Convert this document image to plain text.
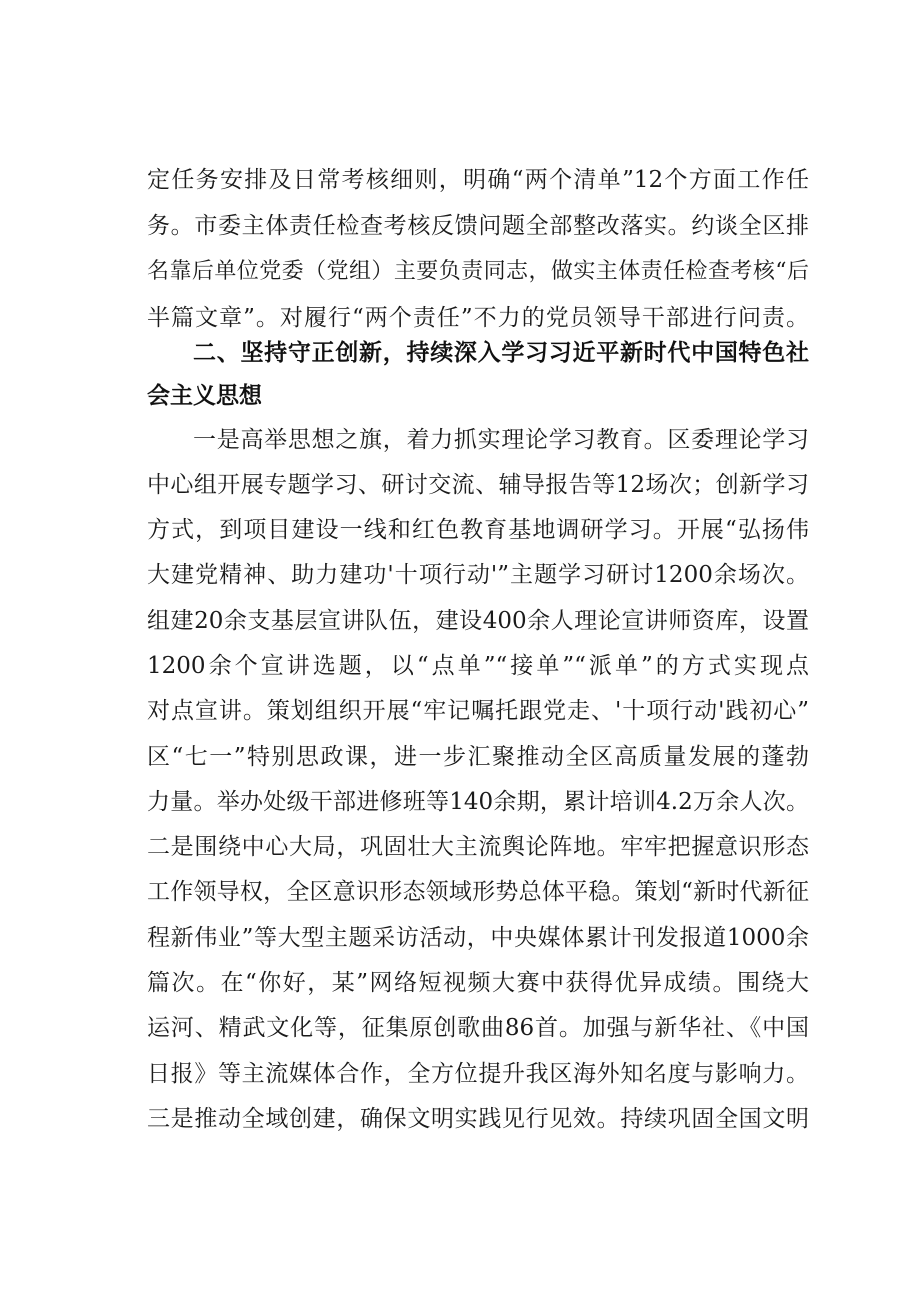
定任务安排及日常考核细则，明确“两个清单”12个方面工作任
务。市委主体责任检查考核反馈问题全部整改落实。约谈全区排
名靠后单位党委（党组）主要负责同志，做实主体责任检查考核“后
半篇文章”。对履行“两个责任”不力的党员领导干部进行问责。
二、坚持守正创新，持续深入学习习近平新时代中国特色社
会主义思想
一是高举思想之旗，着力抓实理论学习教育。区委理论学习
中心组开展专题学习、研讨交流、辅导报告等12场次；创新学习
方式，到项目建设一线和红色教育基地调研学习。开展“弘扬伟
大建党精神、助力建功'十项行动'”主题学习研讨1200余场次。
组建20余支基层宣讲队伍，建设400余人理论宣讲师资库，设置
1200余个宣讲选题，以“点单”“接单”“派单”的方式实现点
对点宣讲。策划组织开展“牢记嘱托跟党走、'十项行动'践初心”
区“七一”特别思政课，进一步汇聚推动全区高质量发展的蓬勃
力量。举办处级干部进修班等140余期，累计培训4.2万余人次。
二是围绕中心大局，巩固壮大主流舆论阵地。牢牢把握意识形态
工作领导权，全区意识形态领域形势总体平稳。策划“新时代新征
程新伟业”等大型主题采访活动，中央媒体累计刊发报道1000余
篇次。在“你好，某”网络短视频大赛中获得优异成绩。围绕大
运河、精武文化等，征集原创歌曲86首。加强与新华社、《中国
日报》等主流媒体合作，全方位提升我区海外知名度与影响力。
三是推动全域创建，确保文明实践见行见效。持续巩固全国文明
